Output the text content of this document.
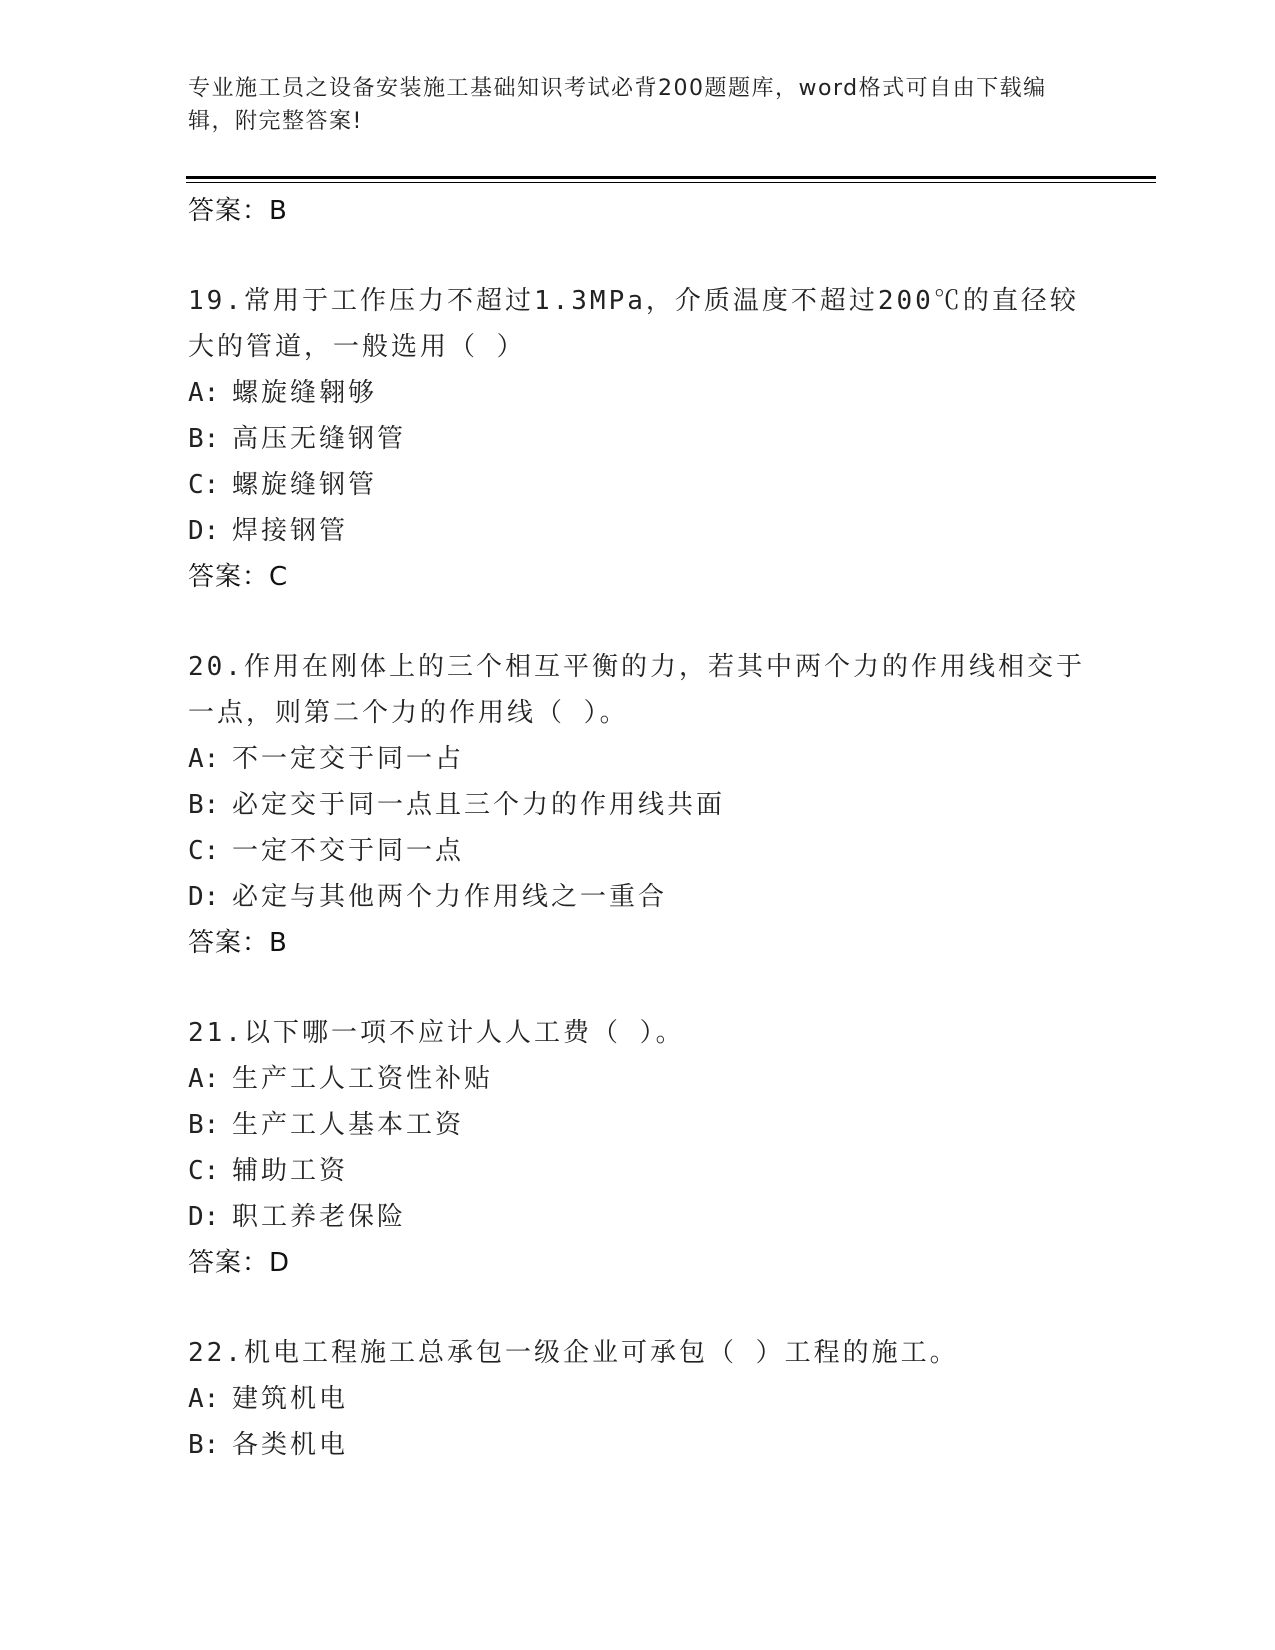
专业施工员之设备安装施工基础知识考试必背200题题库，word格式可自由下载编辑，附完整答案!
答案：B
19.常用于工作压力不超过1.3MPa，介质温度不超过200℃的直径较大的管道，一般选用（ ）
A: 螺旋缝翱够
B: 高压无缝钢管
C: 螺旋缝钢管
D: 焊接钢管
答案：C
20.作用在刚体上的三个相互平衡的力，若其中两个力的作用线相交于一点，则第二个力的作用线（ ）。
A: 不一定交于同一占
B: 必定交于同一点且三个力的作用线共面
C: 一定不交于同一点
D: 必定与其他两个力作用线之一重合
答案：B
21.以下哪一项不应计人人工费（ ）。
A: 生产工人工资性补贴
B: 生产工人基本工资
C: 辅助工资
D: 职工养老保险
答案：D
22.机电工程施工总承包一级企业可承包（ ）工程的施工。
A: 建筑机电
B: 各类机电
